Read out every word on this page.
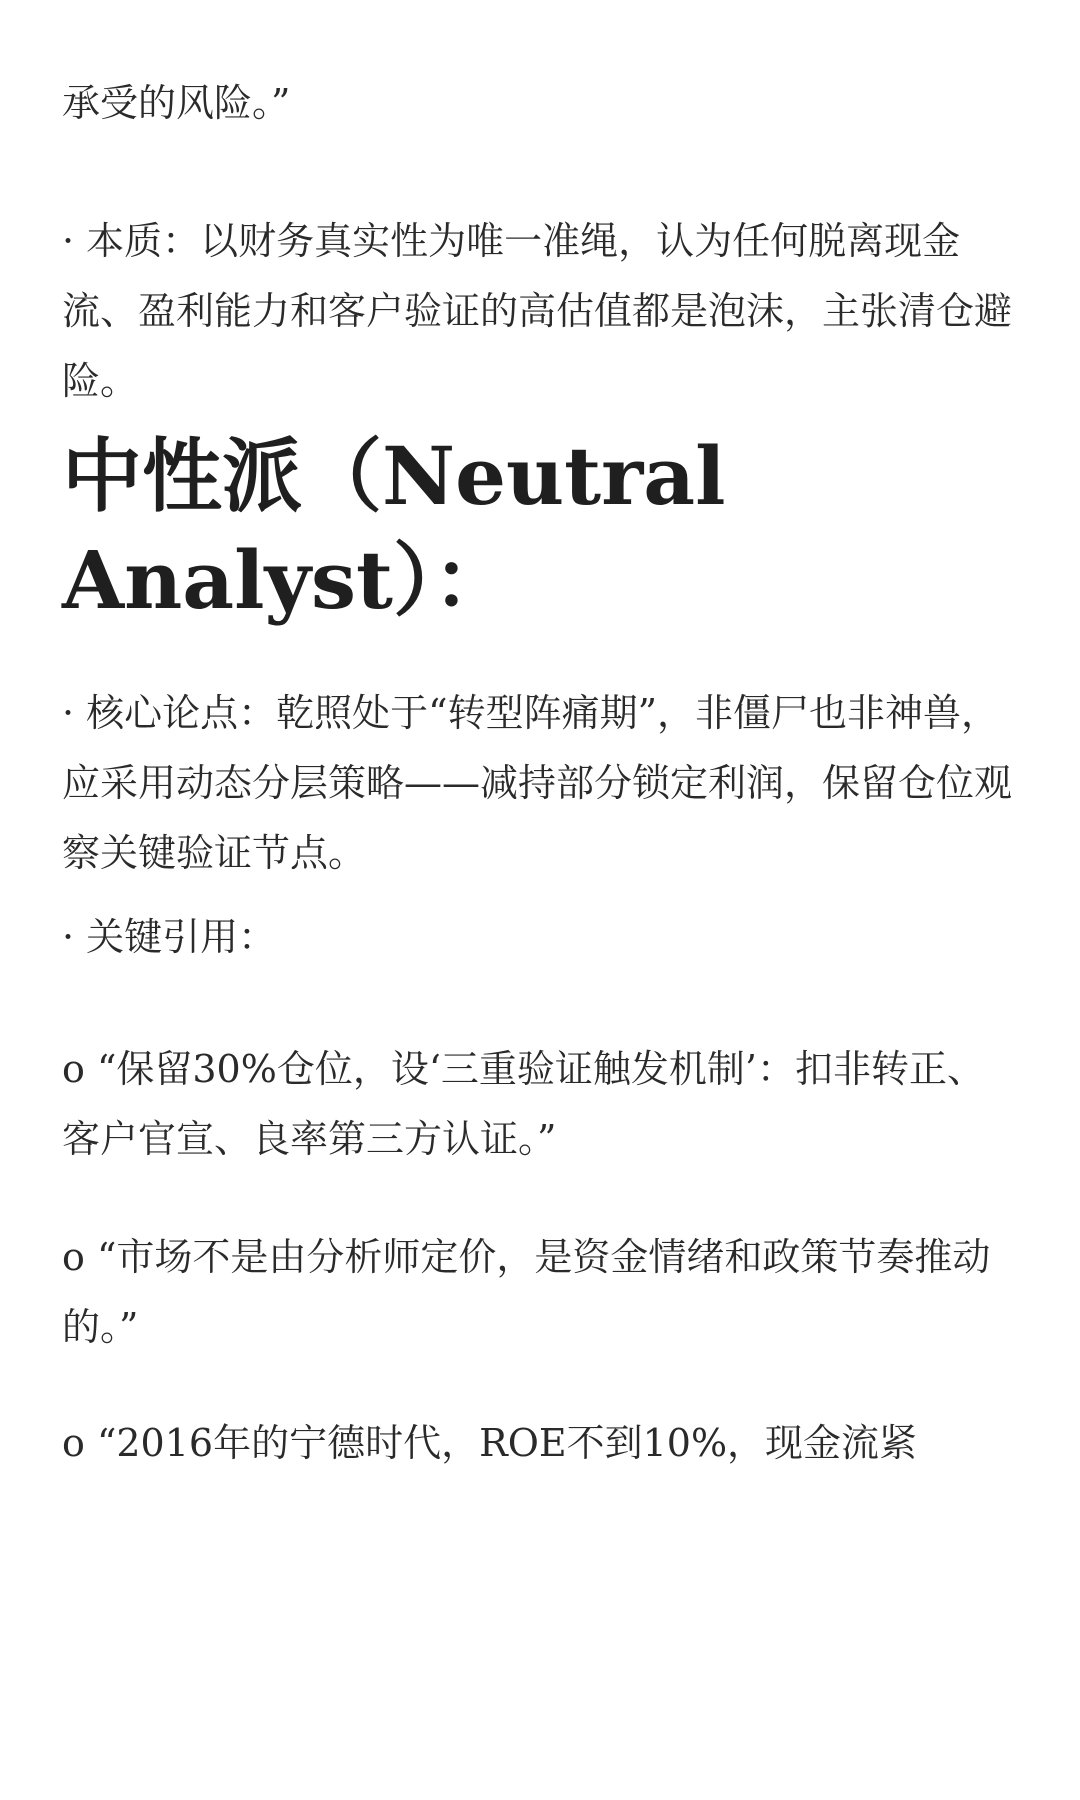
承受的风险。”

· 本质：以财务真实性为唯一准绳，认为任何脱离现金流、盈利能力和客户验证的高估值都是泡沫，主张清仓避险。

中性派（Neutral Analyst）：

· 核心论点：乾照处于“转型阵痛期”，非僵尸也非神兽，应采用动态分层策略——减持部分锁定利润，保留仓位观察关键验证节点。

· 关键引用：

o “保留30%仓位，设‘三重验证触发机制’：扣非转正、客户官宣、良率第三方认证。”

o “市场不是由分析师定价，是资金情绪和政策节奏推动的。”

o “2016年的宁德时代，ROE不到10%，现金流紧
